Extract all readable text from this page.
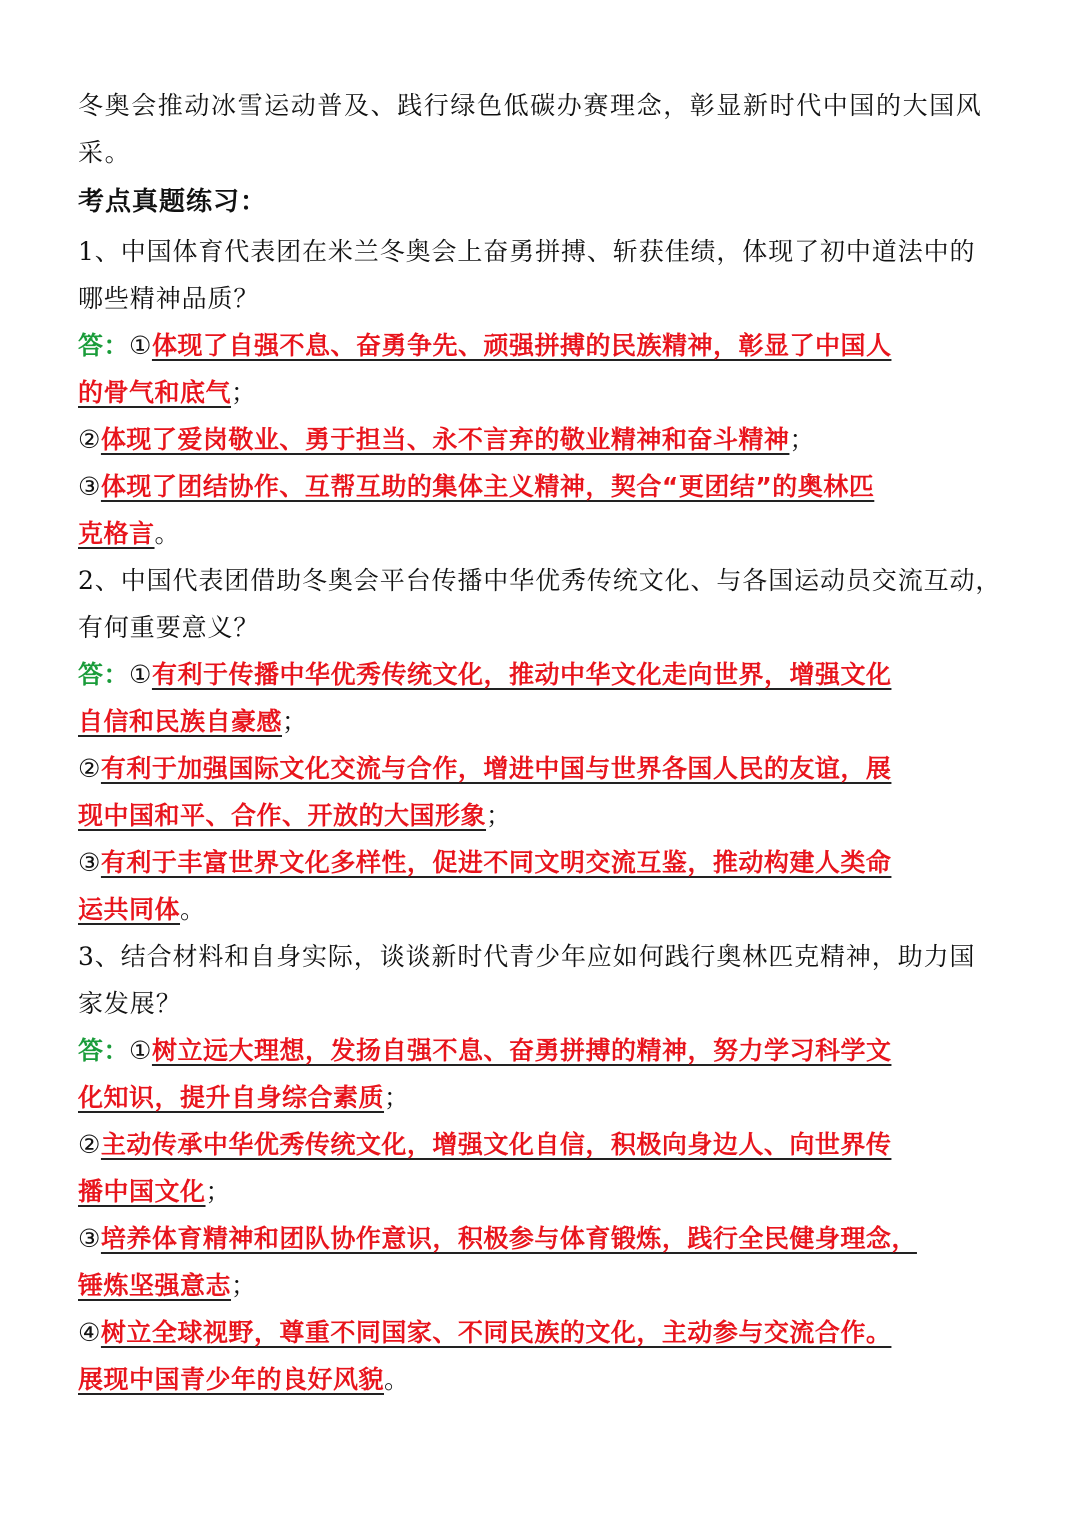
冬奥会推动冰雪运动普及、践行绿色低碳办赛理念，彰显新时代中国的大国风
采。
考点真题练习：
1、中国体育代表团在米兰冬奥会上奋勇拼搏、斩获佳绩，体现了初中道法中的
哪些精神品质？
答：①体现了自强不息、奋勇争先、顽强拼搏的民族精神，彰显了中国人
的骨气和底气；
②体现了爱岗敬业、勇于担当、永不言弃的敬业精神和奋斗精神；
③体现了团结协作、互帮互助的集体主义精神，契合“更团结”的奥林匹
克格言。
2、中国代表团借助冬奥会平台传播中华优秀传统文化、与各国运动员交流互动，
有何重要意义？
答：①有利于传播中华优秀传统文化，推动中华文化走向世界，增强文化
自信和民族自豪感；
②有利于加强国际文化交流与合作，增进中国与世界各国人民的友谊，展
现中国和平、合作、开放的大国形象；
③有利于丰富世界文化多样性，促进不同文明交流互鉴，推动构建人类命
运共同体。
3、结合材料和自身实际，谈谈新时代青少年应如何践行奥林匹克精神，助力国
家发展？
答：①树立远大理想，发扬自强不息、奋勇拼搏的精神，努力学习科学文
化知识，提升自身综合素质；
②主动传承中华优秀传统文化，增强文化自信，积极向身边人、向世界传
播中国文化；
③培养体育精神和团队协作意识，积极参与体育锻炼，践行全民健身理念，
锤炼坚强意志；
④树立全球视野，尊重不同国家、不同民族的文化，主动参与交流合作。
展现中国青少年的良好风貌。
